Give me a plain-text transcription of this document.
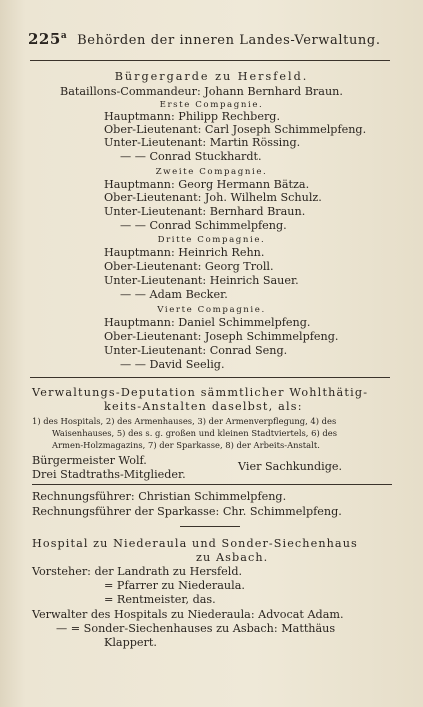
225$^a$ Behörden der inneren Landes-Verwaltung.
Bürgergarde zu Hersfeld.
Bataillons-Commandeur: Johann Bernhard Braun.
Erste Compagnie.
Hauptmann: Philipp Rechberg.
Ober-Lieutenant: Carl Joseph Schimmelpfeng.
Unter-Lieutenant: Martin Rössing.
— — Conrad Stuckhardt.
Zweite Compagnie.
Hauptmann: Georg Hermann Bätza.
Ober-Lieutenant: Joh. Wilhelm Schulz.
Unter-Lieutenant: Bernhard Braun.
— — Conrad Schimmelpfeng.
Dritte Compagnie.
Hauptmann: Heinrich Rehn.
Ober-Lieutenant: Georg Troll.
Unter-Lieutenant: Heinrich Sauer.
— — Adam Becker.
Vierte Compagnie.
Hauptmann: Daniel Schimmelpfeng.
Ober-Lieutenant: Joseph Schimmelpfeng.
Unter-Lieutenant: Conrad Seng.
— — David Seelig.
Verwaltungs-Deputation sämmtlicher Wohlthätig-
keits-Anstalten daselbst, als:
1) des Hospitals, 2) des Armenhauses, 3) der Armenverpflegung, 4) des
Waisenhauses, 5) des s. g. großen und kleinen Stadtviertels, 6) des
Armen-Holzmagazins, 7) der Sparkasse, 8) der Arbeits-Anstalt.
Bürgermeister Wolf.	Vier Sachkundige.
Drei Stadtraths-Mitglieder.
Rechnungsführer: Christian Schimmelpfeng.
Rechnungsführer der Sparkasse: Chr. Schimmelpfeng.
Hospital zu Niederaula und Sonder-Siechenhaus
zu Asbach.
Vorsteher: der Landrath zu Hersfeld.
= Pfarrer zu Niederaula.
= Rentmeister, das.
Verwalter des Hospitals zu Niederaula: Advocat Adam.
— = Sonder-Siechenhauses zu Asbach: Matthäus
Klappert.
